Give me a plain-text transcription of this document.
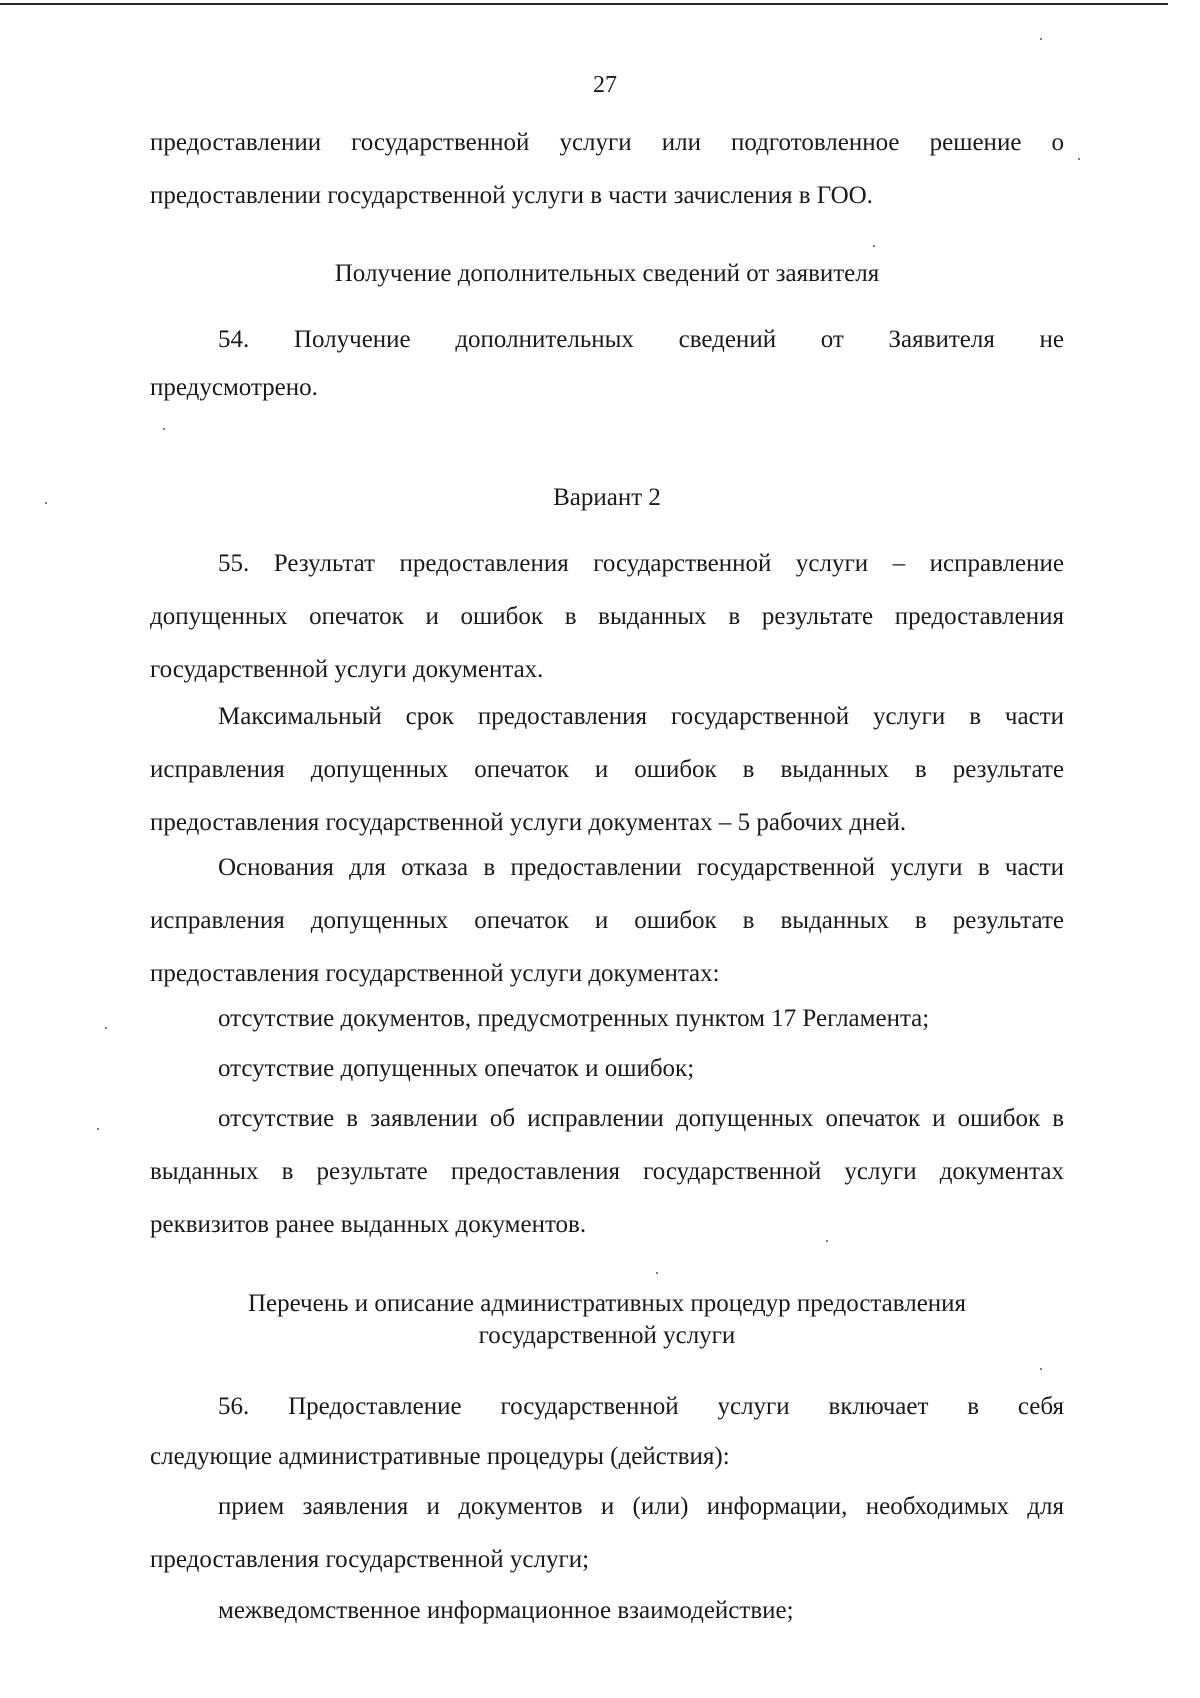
27

предоставлении государственной услуги или подготовленное решение о

предоставлении государственной услуги в части зачисления в ГОО.

Получение дополнительных сведений от заявителя

54. Получение дополнительных сведений от Заявителя не

предусмотрено.

Вариант 2

55. Результат предоставления государственной услуги – исправление допущенных опечаток и ошибок в выданных в результате предоставления государственной услуги документах.

Максимальный срок предоставления государственной услуги в части исправления допущенных опечаток и ошибок в выданных в результате предоставления государственной услуги документах – 5 рабочих дней.

Основания для отказа в предоставлении государственной услуги в части исправления допущенных опечаток и ошибок в выданных в результате предоставления государственной услуги документах:

отсутствие документов, предусмотренных пунктом 17 Регламента;

отсутствие допущенных опечаток и ошибок;

отсутствие в заявлении об исправлении допущенных опечаток и ошибок в выданных в результате предоставления государственной услуги документах реквизитов ранее выданных документов.

Перечень и описание административных процедур предоставления

государственной услуги

56. Предоставление государственной услуги включает в себя

следующие административные процедуры (действия):

прием заявления и документов и (или) информации, необходимых для предоставления государственной услуги;

межведомственное информационное взаимодействие;
